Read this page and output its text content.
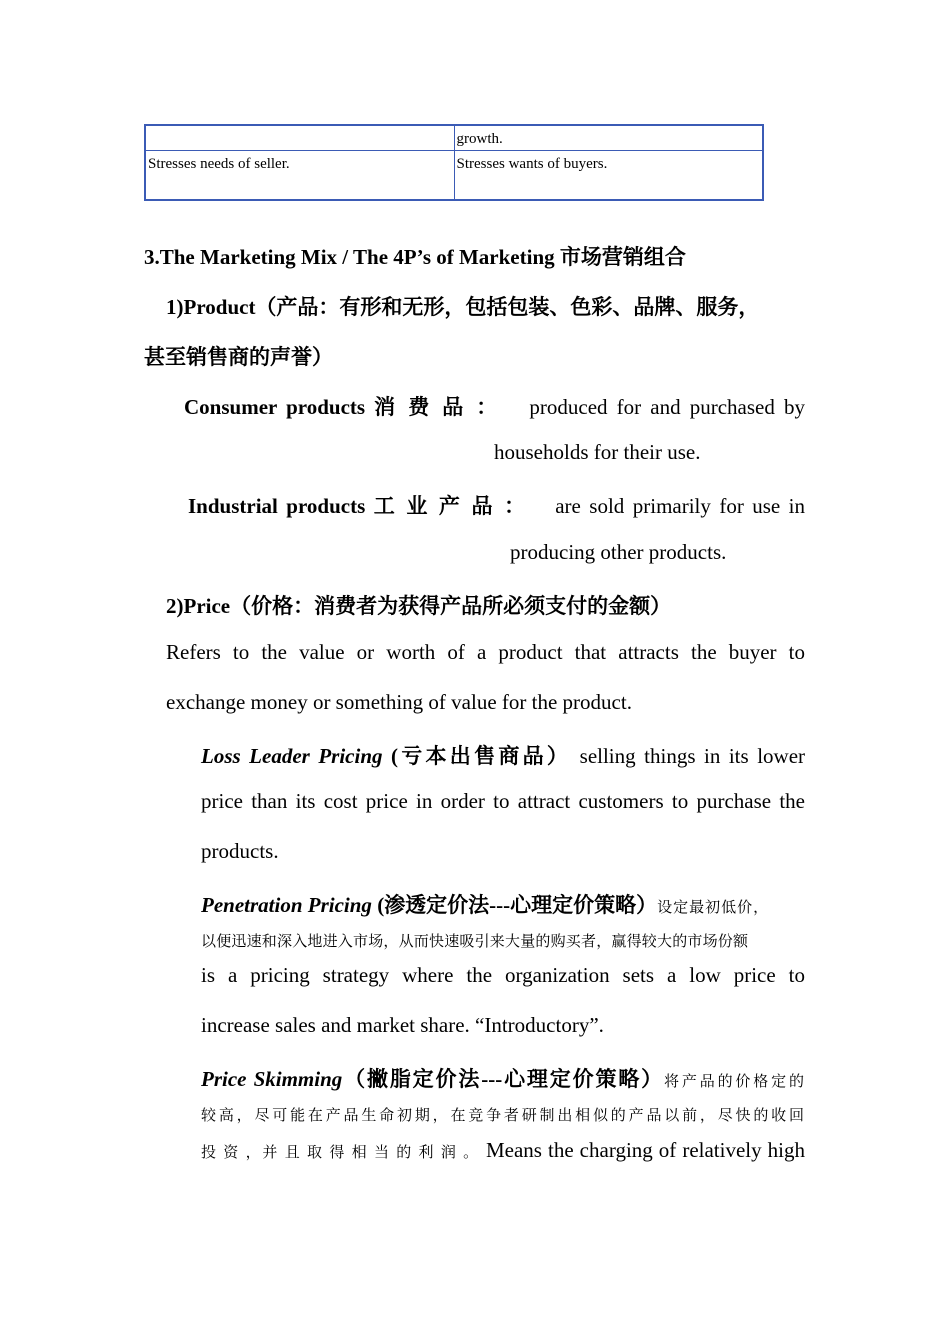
	growth.
Stresses needs of seller.	Stresses wants of buyers.
3.The Marketing Mix / The 4P’s of Marketing 市场营销组合
1)Product（产品：有形和无形，包括包装、色彩、品牌、服务，
甚至销售商的声誉）
Consumer products 消 费 品 ： produced for and purchased by
households for their use.
Industrial products 工 业 产 品 ： are sold primarily for use in
producing other products.
2)Price（价格：消费者为获得产品所必须支付的金额）
Refers to the value or worth of a product that attracts the buyer to
exchange money or something of value for the product.
Loss Leader Pricing (亏本出售商品） selling things in its lower
price than its cost price in order to attract customers to purchase the
products.
Penetration Pricing (渗透定价法---心理定价策略）设定最初低价，
以便迅速和深入地进入市场，从而快速吸引来大量的购买者，赢得较大的市场份额
is a pricing strategy where the organization sets a low price to
increase sales and market share. “Introductory”.
Price Skimming（撇脂定价法---心理定价策略）将产品的价格定的
较高，尽可能在产品生命初期，在竞争者研制出相似的产品以前，尽快的收回
投 资 ，并 且 取 得 相 当 的 利 润 。 Means the charging of relatively high
